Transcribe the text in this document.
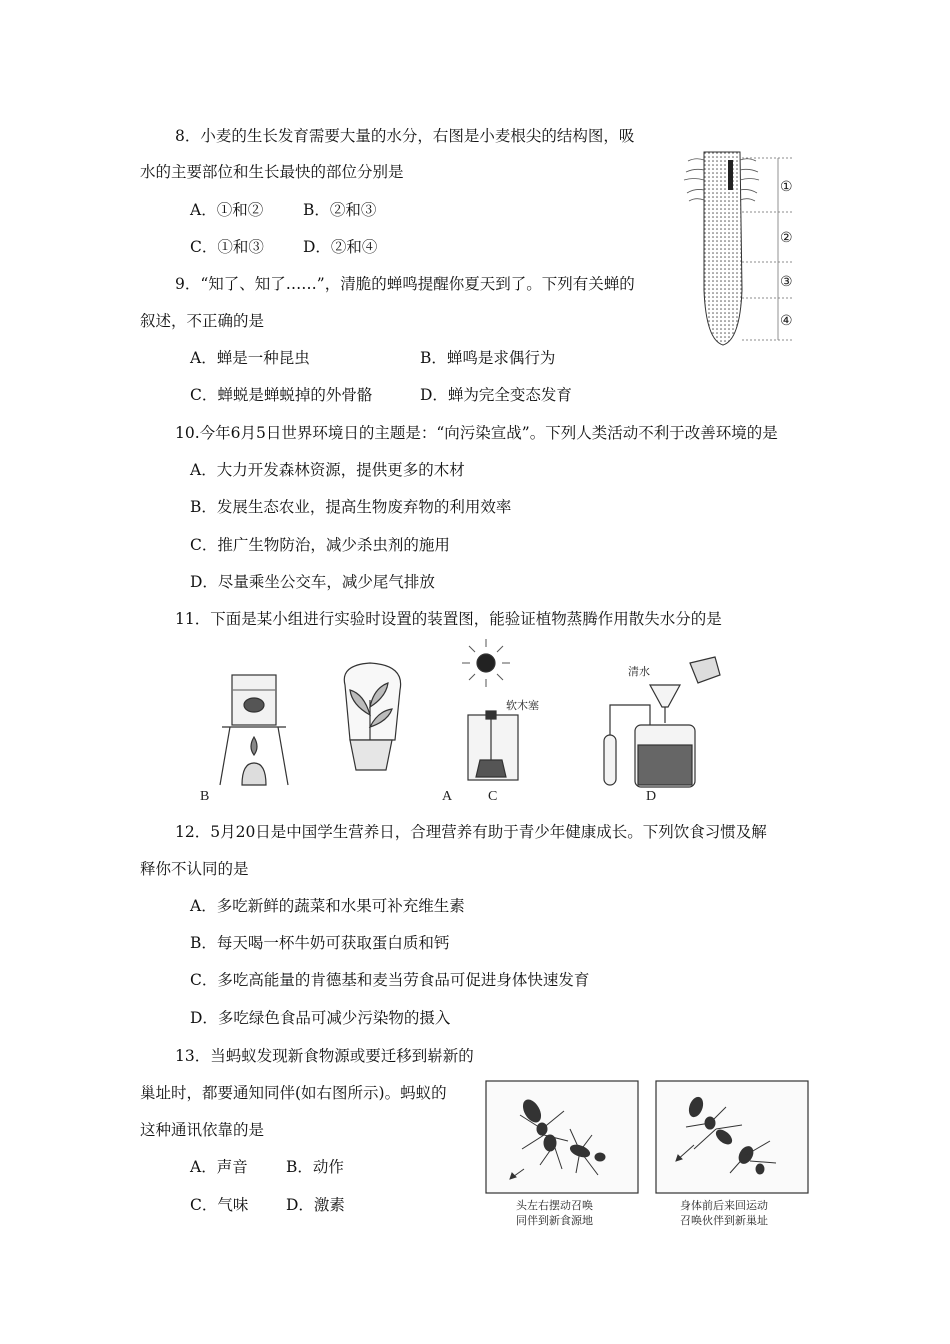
8．小麦的生长发育需要大量的水分，右图是小麦根尖的结构图，吸
水的主要部位和生长最快的部位分别是
A．①和②	B．②和③
C．①和③	D．②和④
①
②
③
④
9．“知了、知了……”，清脆的蝉鸣提醒你夏天到了。下列有关蝉的
叙述，不正确的是
A．蝉是一种昆虫	B．蝉鸣是求偶行为
C．蝉蜕是蝉蜕掉的外骨骼	D．蝉为完全变态发育
10.今年6月5日世界环境日的主题是：“向污染宣战”。下列人类活动不利于改善环境的是
A．大力开发森林资源，提供更多的木材
B．发展生态农业，提高生物废弃物的利用效率
C．推广生物防治，减少杀虫剂的施用
D．尽量乘坐公交车，减少尾气排放
11．下面是某小组进行实验时设置的装置图，能验证植物蒸腾作用散失水分的是
A
B	C	D
软木塞
清水
12．5月20日是中国学生营养日，合理营养有助于青少年健康成长。下列饮食习惯及解
释你不认同的是
A．多吃新鲜的蔬菜和水果可补充维生素
B．每天喝一杯牛奶可获取蛋白质和钙
C．多吃高能量的肯德基和麦当劳食品可促进身体快速发育
D．多吃绿色食品可减少污染物的摄入
13．当蚂蚁发现新食物源或要迁移到崭新的
巢址时，都要通知同伴(如右图所示)。蚂蚁的
这种通讯依靠的是
A．声音 B．动作
C．气味 D．激素	头左右摆动召唤
同伴到新食源地
身体前后来回运动
召唤伙伴到新巢址
